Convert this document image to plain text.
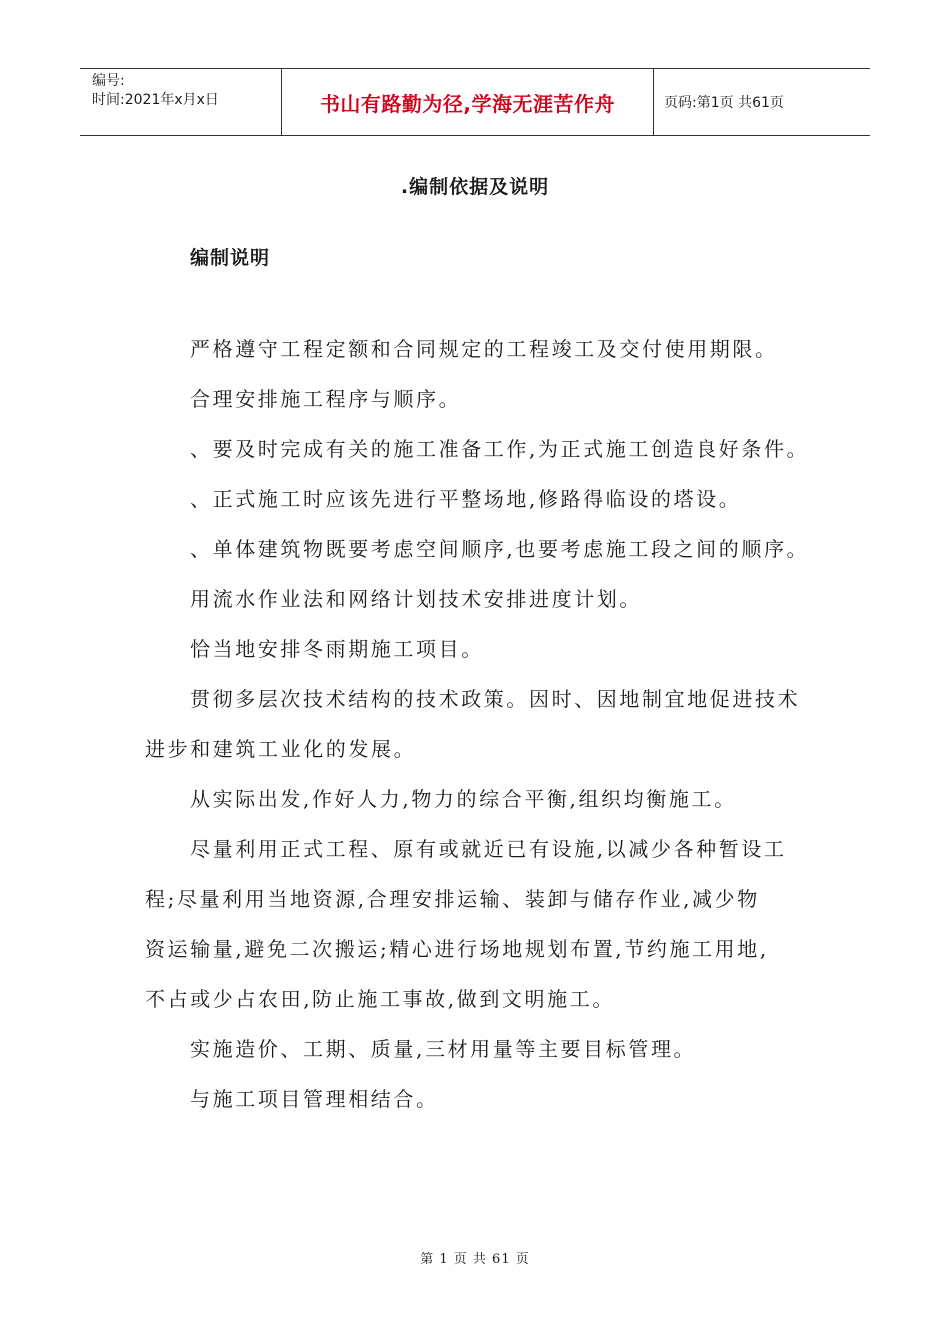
编号:
时间:2021年x月x日	书山有路勤为径,学海无涯苦作舟	页码:第1页 共61页
.编制依据及说明
编制说明
严格遵守工程定额和合同规定的工程竣工及交付使用期限。
合理安排施工程序与顺序。
、要及时完成有关的施工准备工作,为正式施工创造良好条件。
、正式施工时应该先进行平整场地,修路得临设的塔设。
、单体建筑物既要考虑空间顺序,也要考虑施工段之间的顺序。
用流水作业法和网络计划技术安排进度计划。
恰当地安排冬雨期施工项目。
贯彻多层次技术结构的技术政策。因时、因地制宜地促进技术
进步和建筑工业化的发展。
从实际出发,作好人力,物力的综合平衡,组织均衡施工。
尽量利用正式工程、原有或就近已有设施,以减少各种暂设工
程;尽量利用当地资源,合理安排运输、装卸与储存作业,减少物
资运输量,避免二次搬运;精心进行场地规划布置,节约施工用地,
不占或少占农田,防止施工事故,做到文明施工。
实施造价、工期、质量,三材用量等主要目标管理。
与施工项目管理相结合。
第 1 页 共 61 页
